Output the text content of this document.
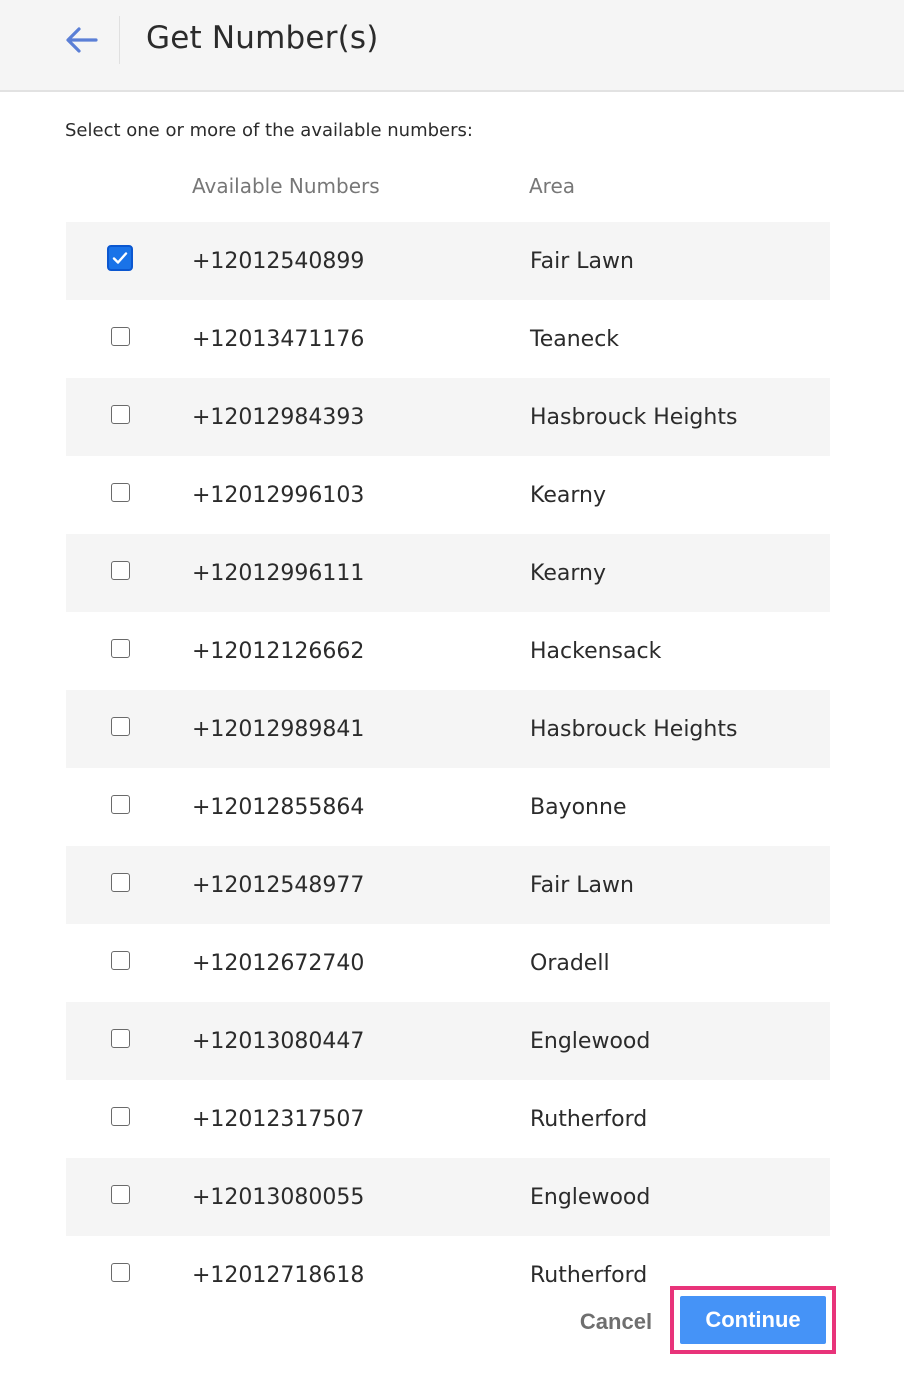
Get Number(s)
Select one or more of the available numbers:
Available Numbers	Area
+12012540899	Fair Lawn
+12013471176	Teaneck
+12012984393	Hasbrouck Heights
+12012996103	Kearny
+12012996111	Kearny
+12012126662	Hackensack
+12012989841	Hasbrouck Heights
+12012855864	Bayonne
+12012548977	Fair Lawn
+12012672740	Oradell
+12013080447	Englewood
+12012317507	Rutherford
+12013080055	Englewood
+12012718618	Rutherford
Cancel	Continue
